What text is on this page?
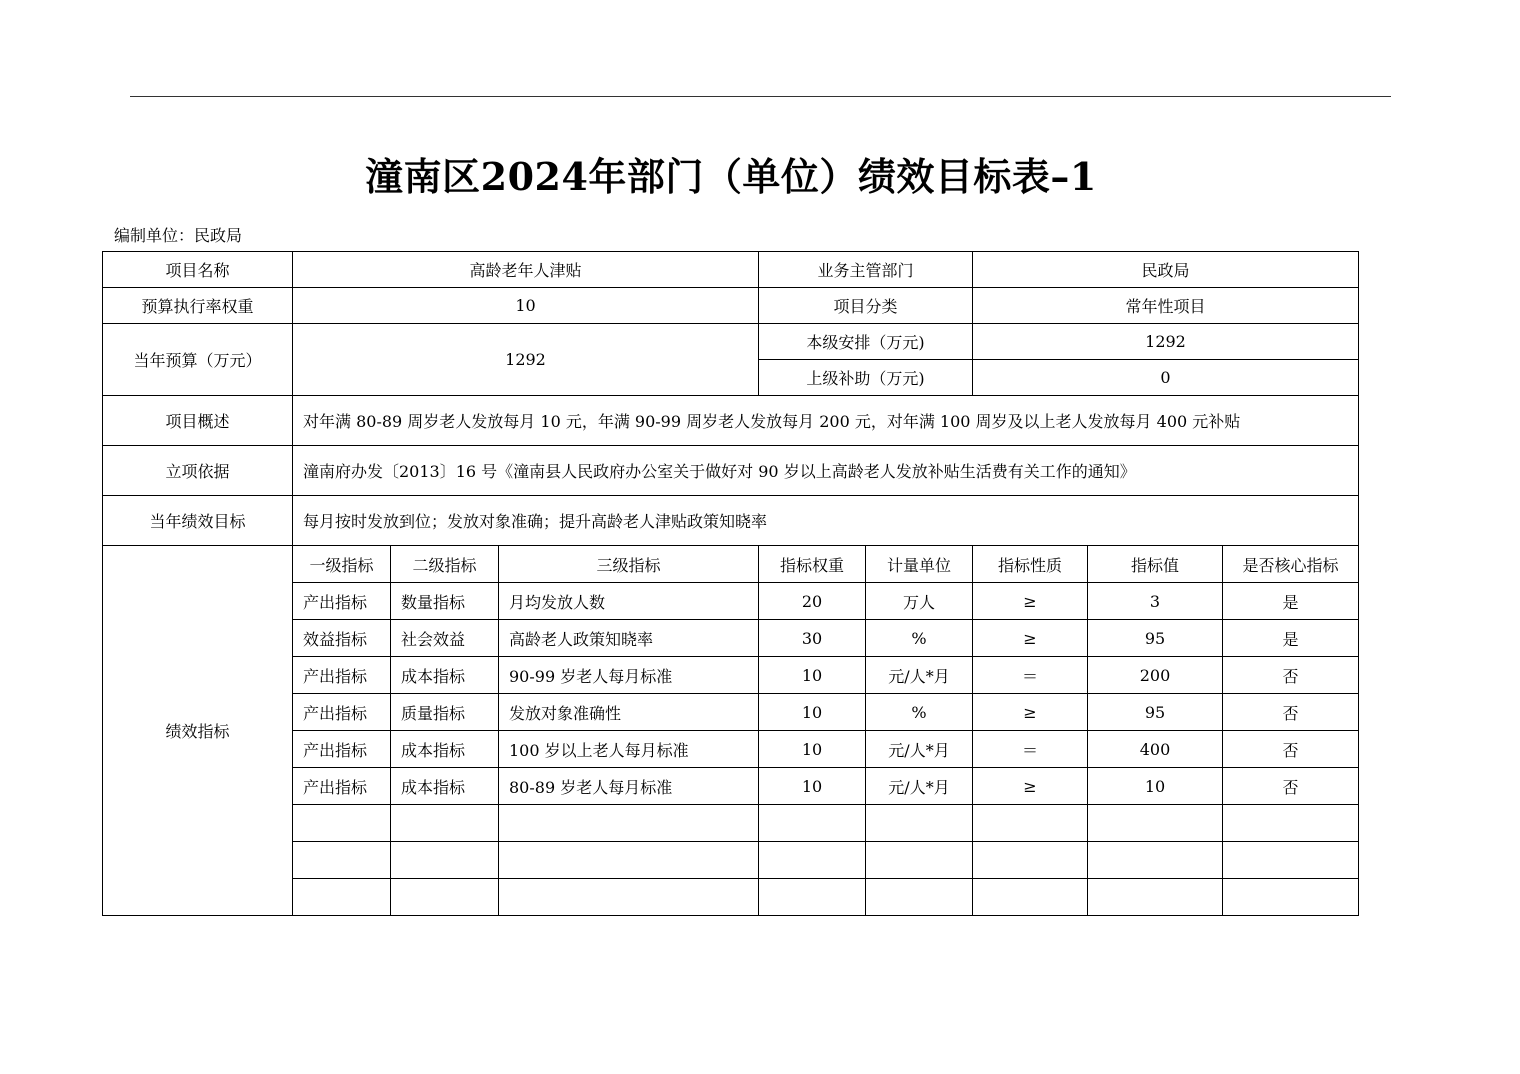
潼南区2024年部门（单位）绩效目标表–1
编制单位：民政局
项目名称	高龄老年人津贴			业务主管部门		民政局		
预算执行率权重	10			项目分类		常年性项目		
当年预算（万元）	1292			本级安排（万元)		1292		
				上级补助（万元)		0		
项目概述	对年满 80-89 周岁老人发放每月 10 元，年满 90-99 周岁老人发放每月 200 元，对年满 100 周岁及以上老人发放每月 400 元补贴							
立项依据	潼南府办发〔2013〕16 号《潼南县人民政府办公室关于做好对 90 岁以上高龄老人发放补贴生活费有关工作的通知》							
当年绩效目标	每月按时发放到位；发放对象准确；提升高龄老人津贴政策知晓率							
绩效指标	一级指标	二级指标	三级指标	指标权重	计量单位	指标性质	指标值	是否核心指标
	产出指标	数量指标	月均发放人数	20	万人	≥	3	是
	效益指标	社会效益	高龄老人政策知晓率	30	%	≥	95	是
	产出指标	成本指标	90-99 岁老人每月标准	10	元/人*月	＝	200	否
	产出指标	质量指标	发放对象准确性	10	%	≥	95	否
	产出指标	成本指标	100 岁以上老人每月标准	10	元/人*月	＝	400	否
	产出指标	成本指标	80-89 岁老人每月标准	10	元/人*月	≥	10	否
